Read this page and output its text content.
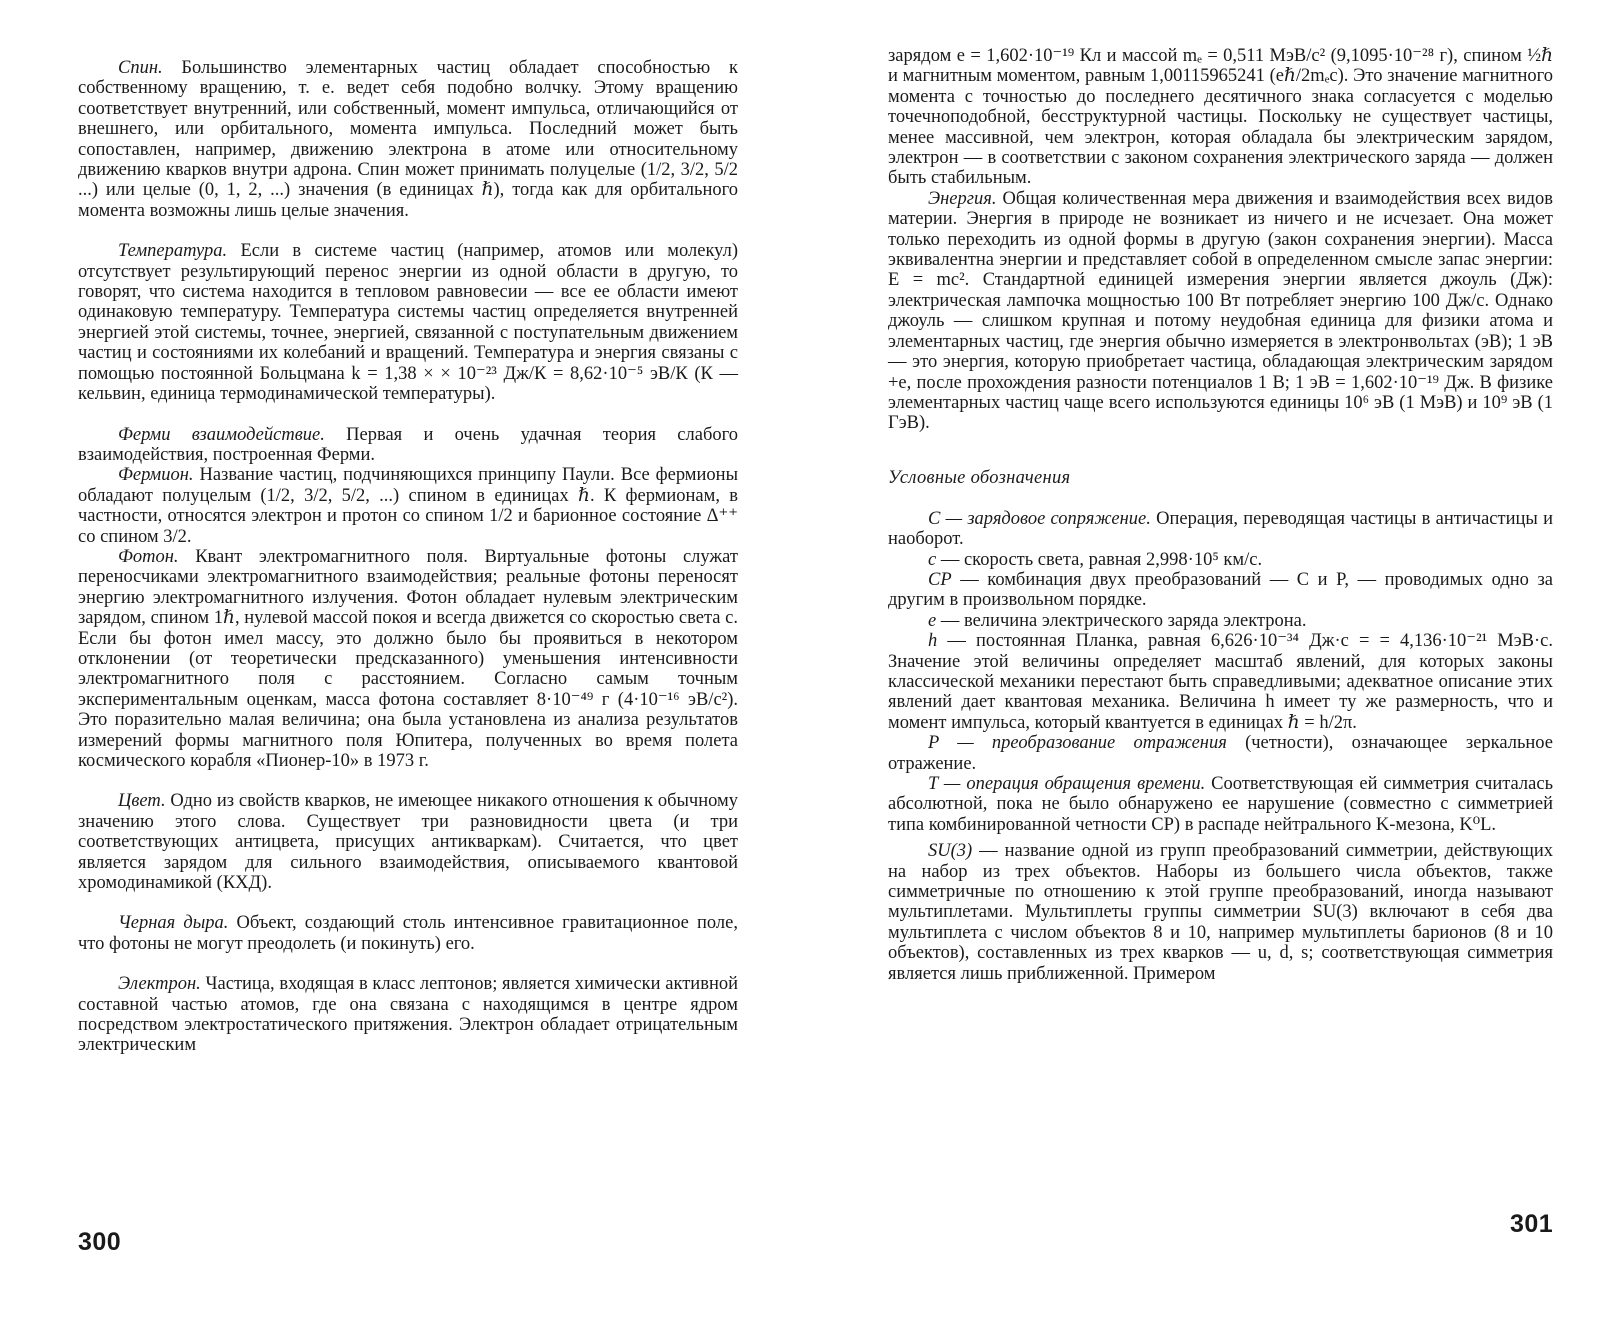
Спин. Большинство элементарных частиц обладает способностью к собственному вращению, т. е. ведет себя подобно волчку. Этому вращению соответствует внутренний, или собственный, момент импульса, отличающийся от внешнего, или орбитального, момента импульса. Последний может быть сопоставлен, например, движению электрона в атоме или относительному движению кварков внутри адрона. Спин может принимать полуцелые (1/2, 3/2, 5/2 ...) или целые (0, 1, 2, ...) значения (в единицах ℏ), тогда как для орбитального момента возможны лишь целые значения.

Температура. Если в системе частиц (например, атомов или молекул) отсутствует результирующий перенос энергии из одной области в другую, то говорят, что система находится в тепловом равновесии — все ее области имеют одинаковую температуру. Температура системы частиц определяется внутренней энергией этой системы, точнее, энергией, связанной с поступательным движением частиц и состояниями их колебаний и вращений. Температура и энергия связаны с помощью постоянной Больцмана k = 1,38 × × 10⁻²³ Дж/К = 8,62·10⁻⁵ эВ/К (К — кельвин, единица термодинамической температуры).

Ферми взаимодействие. Первая и очень удачная теория слабого взаимодействия, построенная Ферми.

Фермион. Название частиц, подчиняющихся принципу Паули. Все фермионы обладают полуцелым (1/2, 3/2, 5/2, ...) спином в единицах ℏ. К фермионам, в частности, относятся электрон и протон со спином 1/2 и барионное состояние Δ⁺⁺ со спином 3/2.

Фотон. Квант электромагнитного поля. Виртуальные фотоны служат переносчиками электромагнитного взаимодействия; реальные фотоны переносят энергию электромагнитного излучения. Фотон обладает нулевым электрическим зарядом, спином 1ℏ, нулевой массой покоя и всегда движется со скоростью света c. Если бы фотон имел массу, это должно было бы проявиться в некотором отклонении (от теоретически предсказанного) уменьшения интенсивности электромагнитного поля с расстоянием. Согласно самым точным экспериментальным оценкам, масса фотона составляет 8·10⁻⁴⁹ г (4·10⁻¹⁶ эВ/c²). Это поразительно малая величина; она была установлена из анализа результатов измерений формы магнитного поля Юпитера, полученных во время полета космического корабля «Пионер-10» в 1973 г.

Цвет. Одно из свойств кварков, не имеющее никакого отношения к обычному значению этого слова. Существует три разновидности цвета (и три соответствующих антицвета, присущих антикваркам). Считается, что цвет является зарядом для сильного взаимодействия, описываемого квантовой хромодинамикой (КХД).

Черная дыра. Объект, создающий столь интенсивное гравитационное поле, что фотоны не могут преодолеть (и покинуть) его.

Электрон. Частица, входящая в класс лептонов; является химически активной составной частью атомов, где она связана с находящимся в центре ядром посредством электростатического притяжения. Электрон обладает отрицательным электрическим

зарядом e = 1,602·10⁻¹⁹ Кл и массой mₑ = 0,511 МэВ/c² (9,1095·10⁻²⁸ г), спином ½ℏ и магнитным моментом, равным 1,00115965241 (eℏ/2mₑc). Это значение магнитного момента с точностью до последнего десятичного знака согласуется с моделью точечноподобной, бесструктурной частицы. Поскольку не существует частицы, менее массивной, чем электрон, которая обладала бы электрическим зарядом, электрон — в соответствии с законом сохранения электрического заряда — должен быть стабильным.

Энергия. Общая количественная мера движения и взаимодействия всех видов материи. Энергия в природе не возникает из ничего и не исчезает. Она может только переходить из одной формы в другую (закон сохранения энергии). Масса эквивалентна энергии и представляет собой в определенном смысле запас энергии: E = mc². Стандартной единицей измерения энергии является джоуль (Дж): электрическая лампочка мощностью 100 Вт потребляет энергию 100 Дж/с. Однако джоуль — слишком крупная и потому неудобная единица для физики атома и элементарных частиц, где энергия обычно измеряется в электронвольтах (эВ); 1 эВ — это энергия, которую приобретает частица, обладающая электрическим зарядом +e, после прохождения разности потенциалов 1 В; 1 эВ = 1,602·10⁻¹⁹ Дж. В физике элементарных частиц чаще всего используются единицы 10⁶ эВ (1 МэВ) и 10⁹ эВ (1 ГэВ).

Условные обозначения

C — зарядовое сопряжение. Операция, переводящая частицы в античастицы и наоборот.

c — скорость света, равная 2,998·10⁵ км/с.

CP — комбинация двух преобразований — C и P, — проводимых одно за другим в произвольном порядке.

e — величина электрического заряда электрона.

h — постоянная Планка, равная 6,626·10⁻³⁴ Дж·с = = 4,136·10⁻²¹ МэВ·с. Значение этой величины определяет масштаб явлений, для которых законы классической механики перестают быть справедливыми; адекватное описание этих явлений дает квантовая механика. Величина h имеет ту же размерность, что и момент импульса, который квантуется в единицах ℏ = h/2π.

P — преобразование отражения (четности), означающее зеркальное отражение.

T — операция обращения времени. Соответствующая ей симметрия считалась абсолютной, пока не было обнаружено ее нарушение (совместно с симметрией типа комбинированной четности CP) в распаде нейтрального K-мезона, K⁰L.

SU(3) — название одной из групп преобразований симметрии, действующих на набор из трех объектов. Наборы из большего числа объектов, также симметричные по отношению к этой группе преобразований, иногда называют мультиплетами. Мультиплеты группы симметрии SU(3) включают в себя два мультиплета с числом объектов 8 и 10, например мультиплеты барионов (8 и 10 объектов), составленных из трех кварков — u, d, s; соответствующая симметрия является лишь приближенной. Примером

300
301
